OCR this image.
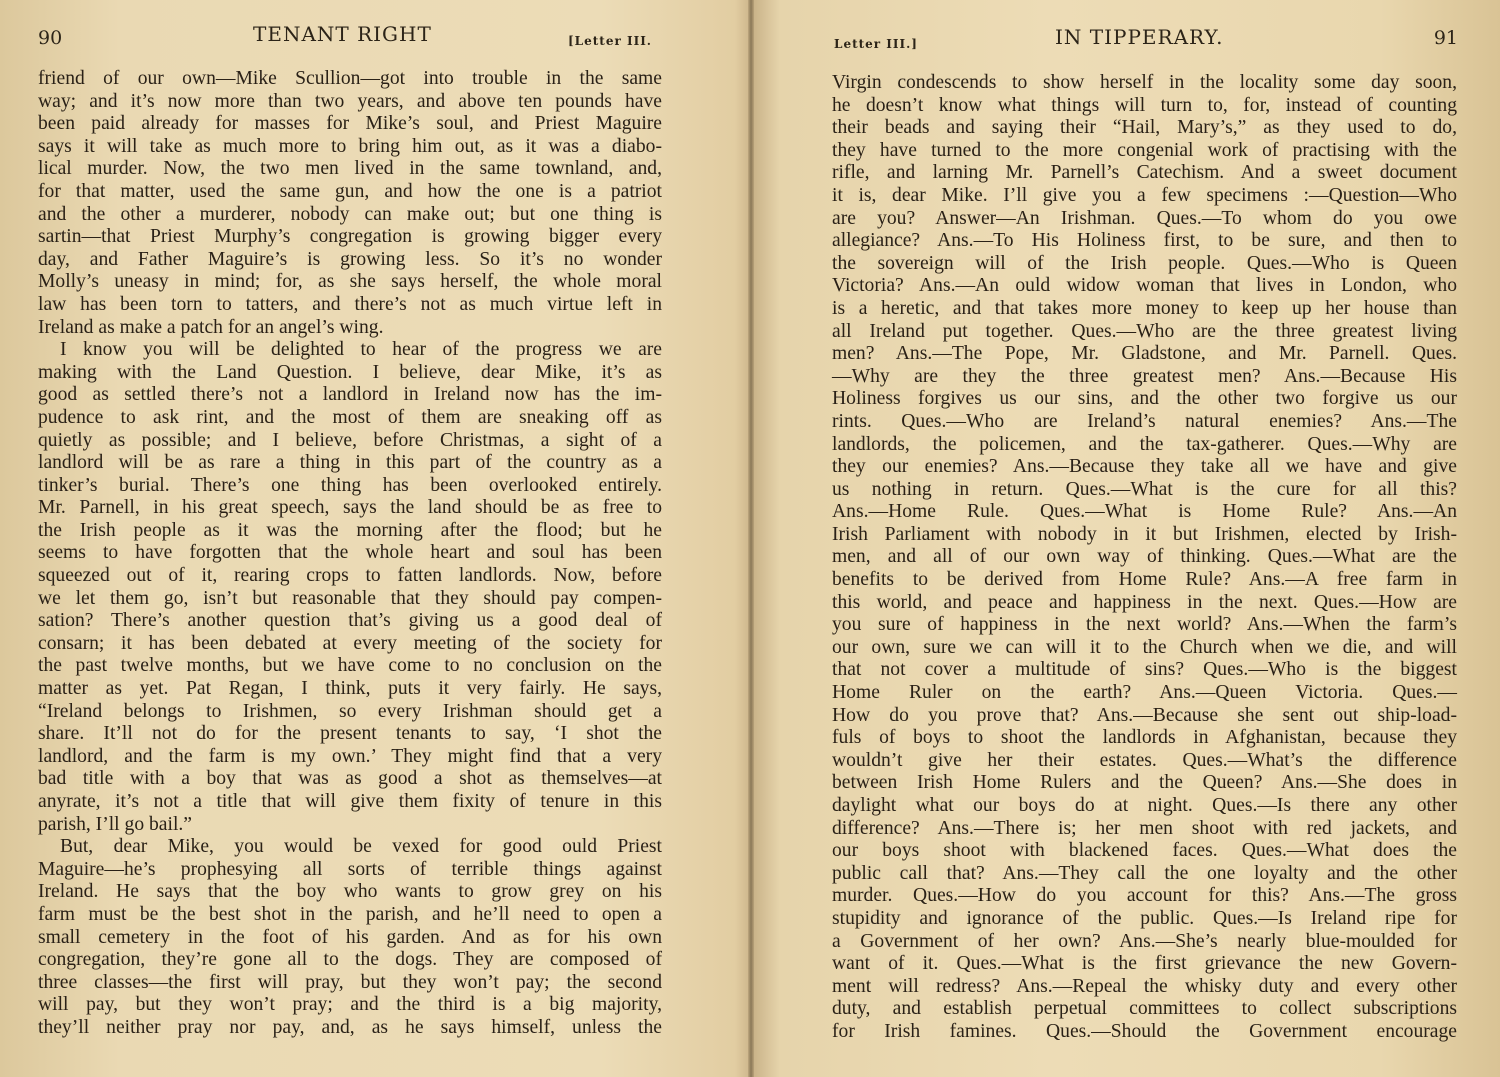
90	TENANT RIGHT	[Letter III.
friend of our own—Mike Scullion—got into trouble in the same
way; and it’s now more than two years, and above ten pounds have
been paid already for masses for Mike’s soul, and Priest Maguire
says it will take as much more to bring him out, as it was a diabo-
lical murder. Now, the two men lived in the same townland, and,
for that matter, used the same gun, and how the one is a patriot
and the other a murderer, nobody can make out; but one thing is
sartin—that Priest Murphy’s congregation is growing bigger every
day, and Father Maguire’s is growing less. So it’s no wonder
Molly’s uneasy in mind; for, as she says herself, the whole moral
law has been torn to tatters, and there’s not as much virtue left in
Ireland as make a patch for an angel’s wing.
I know you will be delighted to hear of the progress we are
making with the Land Question. I believe, dear Mike, it’s as
good as settled there’s not a landlord in Ireland now has the im-
pudence to ask rint, and the most of them are sneaking off as
quietly as possible; and I believe, before Christmas, a sight of a
landlord will be as rare a thing in this part of the country as a
tinker’s burial. There’s one thing has been overlooked entirely.
Mr. Parnell, in his great speech, says the land should be as free to
the Irish people as it was the morning after the flood; but he
seems to have forgotten that the whole heart and soul has been
squeezed out of it, rearing crops to fatten landlords. Now, before
we let them go, isn’t but reasonable that they should pay compen-
sation? There’s another question that’s giving us a good deal of
consarn; it has been debated at every meeting of the society for
the past twelve months, but we have come to no conclusion on the
matter as yet. Pat Regan, I think, puts it very fairly. He says,
“Ireland belongs to Irishmen, so every Irishman should get a
share. It’ll not do for the present tenants to say, ‘I shot the
landlord, and the farm is my own.’ They might find that a very
bad title with a boy that was as good a shot as themselves—at
anyrate, it’s not a title that will give them fixity of tenure in this
parish, I’ll go bail.”
But, dear Mike, you would be vexed for good ould Priest
Maguire—he’s prophesying all sorts of terrible things against
Ireland. He says that the boy who wants to grow grey on his
farm must be the best shot in the parish, and he’ll need to open a
small cemetery in the foot of his garden. And as for his own
congregation, they’re gone all to the dogs. They are composed of
three classes—the first will pray, but they won’t pay; the second
will pay, but they won’t pray; and the third is a big majority,
they’ll neither pray nor pay, and, as he says himself, unless the
Letter III.]	IN TIPPERARY.	91
Virgin condescends to show herself in the locality some day soon,
he doesn’t know what things will turn to, for, instead of counting
their beads and saying their “Hail, Mary’s,” as they used to do,
they have turned to the more congenial work of practising with the
rifle, and larning Mr. Parnell’s Catechism. And a sweet document
it is, dear Mike. I’ll give you a few specimens :—Question—Who
are you? Answer—An Irishman. Ques.—To whom do you owe
allegiance? Ans.—To His Holiness first, to be sure, and then to
the sovereign will of the Irish people. Ques.—Who is Queen
Victoria? Ans.—An ould widow woman that lives in London, who
is a heretic, and that takes more money to keep up her house than
all Ireland put together. Ques.—Who are the three greatest living
men? Ans.—The Pope, Mr. Gladstone, and Mr. Parnell. Ques.
—Why are they the three greatest men? Ans.—Because His
Holiness forgives us our sins, and the other two forgive us our
rints. Ques.—Who are Ireland’s natural enemies? Ans.—The
landlords, the policemen, and the tax-gatherer. Ques.—Why are
they our enemies? Ans.—Because they take all we have and give
us nothing in return. Ques.—What is the cure for all this?
Ans.—Home Rule. Ques.—What is Home Rule? Ans.—An
Irish Parliament with nobody in it but Irishmen, elected by Irish-
men, and all of our own way of thinking. Ques.—What are the
benefits to be derived from Home Rule? Ans.—A free farm in
this world, and peace and happiness in the next. Ques.—How are
you sure of happiness in the next world? Ans.—When the farm’s
our own, sure we can will it to the Church when we die, and will
that not cover a multitude of sins? Ques.—Who is the biggest
Home Ruler on the earth? Ans.—Queen Victoria. Ques.—
How do you prove that? Ans.—Because she sent out ship-load-
fuls of boys to shoot the landlords in Afghanistan, because they
wouldn’t give her their estates. Ques.—What’s the difference
between Irish Home Rulers and the Queen? Ans.—She does in
daylight what our boys do at night. Ques.—Is there any other
difference? Ans.—There is; her men shoot with red jackets, and
our boys shoot with blackened faces. Ques.—What does the
public call that? Ans.—They call the one loyalty and the other
murder. Ques.—How do you account for this? Ans.—The gross
stupidity and ignorance of the public. Ques.—Is Ireland ripe for
a Government of her own? Ans.—She’s nearly blue-moulded for
want of it. Ques.—What is the first grievance the new Govern-
ment will redress? Ans.—Repeal the whisky duty and every other
duty, and establish perpetual committees to collect subscriptions
for Irish famines. Ques.—Should the Government encourage
